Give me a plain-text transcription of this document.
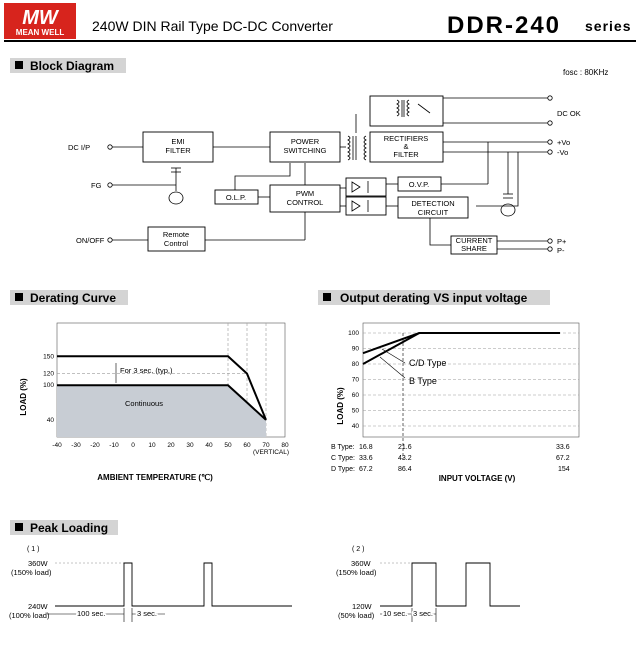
MW
MEAN WELL 240W DIN Rail Type DC-DC Converter	DDR-240 series
Block Diagram	fosc : 80KHz
DC I/P
FG
ON/OFF
DC OK
+Vo
-Vo
P+
P-
EMI
FILTER
POWER
SWITCHING
RECTIFIERS
&
FILTER
PWM
CONTROL
O.L.P.
O.V.P.
DETECTION
CIRCUIT
Remote
Control	CURRENT
SHARE
Derating Curve
-40 -30 -20 -10 0 10 20 30 40 50 60 70 80
150
120
100
40
For 3 sec. (typ.)
Continuous
(VERTICAL)
AMBIENT TEMPERATURE (℃)
LOAD (%)
Output derating VS input voltage
100
90
80
70
60
50
40
C/D Type
B Type
B Type: 16.8	21.6	33.6
C Type: 33.6	43.2	67.2
D Type: 67.2	86.4	154
INPUT VOLTAGE (V)
LOAD (%)
Peak Loading
( 1 )
360W
(150% load)
240W
(100% load)	100 sec.	3 sec.
( 2 )
360W
(150% load)
120W
(50% load) 10 sec. 3 sec.
